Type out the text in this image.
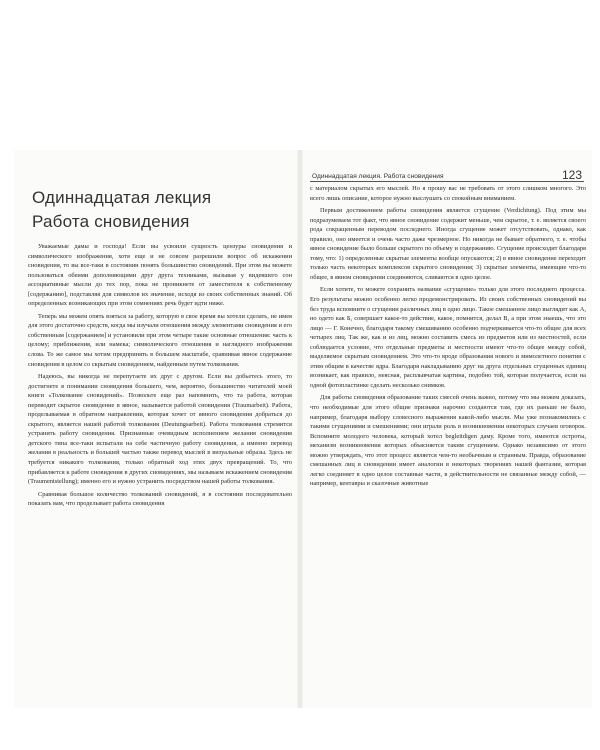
Одиннадцатая лекция
Работа сновидения

Уважаемые дамы и господа! Если вы усвоили сущность цензуры сновидения и символического изображения, хотя еще и не совсем разрешили вопрос об искажении сновидения, то вы все-таки в состоянии понять большинство сновидений. При этом вы можете пользоваться обеими дополняющими друг друга техниками, вызывая у видевшего сон ассоциативные мысли до тех пор, пока не проникнете от заместителя к собственному [содержанию], подставляя для символов их значение, исходя из своих собственных знаний. Об определенных возникающих при этом сомнениях речь будет идти ниже.

Теперь мы можем опять взяться за работу, которую в свое время вы хотели сделать, не имея для этого достаточно средств, когда мы изучали отношения между элементами сновидения и его собственным [содержанием] и установили при этом четыре такие основные отношения: часть к целому; приближения, или намека; символического отношения и наглядного изображения слова. То же самое мы хотим предпринять в большем масштабе, сравнивая явное содержание сновидения в целом со скрытым сновидением, найденным путем толкования.

Надеюсь, вы никогда не перепутаете их друг с другом. Если вы добьетесь этого, то достигнете в понимании сновидения большего, чем, вероятно, большинство читателей моей книги «Толкование сновидений». Позвольте еще раз напомнить, что та работа, которая переводит скрытое сновидение в явное, называется работой сновидения (Traumarbeit). Работа, проделываемая в обратном направлении, которая хочет от явного сновидения добраться до скрытого, является нашей работой толкования (Deutungsarbeit). Работа толкования стремится устранить работу сновидения. Признанные очевидным исполнением желания сновидения детского типа все-таки испытали на себе частичную работу сновидения, а именно перевод желания в реальность и большей частью также перевод мыслей в визуальные образы. Здесь не требуется никакого толкования, только обратный ход этих двух превращений. То, что прибавляется к работе сновидения в других сновидениях, мы называем искажением сновидения (Traumentstellung); именно его и нужно устранить посредством нашей работы толкования.

Сравнивая большое количество толкований сновидений, я в состоянии последовательно показать вам, что проделывает работа сновидения

Одиннадцатая лекция. Работа сновидения	123

с материалом скрытых его мыслей. Но я прошу вас не требовать от этого слишком многого. Это всего лишь описание, которое нужно выслушать со спокойным вниманием.

Первым достижением работы сновидения является сгущение (Verdichtung). Под этим мы подразумеваем тот факт, что явное сновидение содержит меньше, чем скрытое, т. е. является своего рода сокращенным переводом последнего. Иногда сгущение может отсутствовать, однако, как правило, оно имеется и очень часто даже чрезмерное. Но никогда не бывает обратного, т. е. чтобы явное сновидение было больше скрытого по объему и содержанию. Сгущение происходит благодаря тому, что: 1) определенные скрытые элементы вообще опускаются; 2) в явное сновидение переходит только часть некоторых комплексов скрытого сновидения; 3) скрытые элементы, имеющие что-то общее, в явном сновидении соединяются, сливаются в одно целое.

Если хотите, то можете сохранить название «сгущение» только для этого последнего процесса. Его результаты можно особенно легко продемонстрировать. Из своих собственных сновидений вы без труда вспомните о сгущении различных лиц в одно лицо. Такое смешанное лицо выглядит как А, но одето как Б, совершает какое-то действие, какое, помнится, делал В, а при этом знаешь, что это лицо — Г. Конечно, благодаря такому смешиванию особенно подчеркивается что-то общее для всех четырех лиц. Так же, как и из лиц, можно составить смесь из предметов или из местностей, если соблюдается условие, что отдельные предметы и местности имеют что-то общее между собой, выделяемое скрытым сновидением. Это что-то вроде образования нового и мимолетного понятия с этим общим в качестве ядра. Благодаря накладыванию друг на друга отдельных сгущенных единиц возникает, как правило, неясная, расплывчатая картина, подобно той, которая получается, если на одной фотопластинке сделать несколько снимков.

Для работы сновидения образование таких смесей очень важно, потому что мы можем доказать, что необходимые для этого общие признаки нарочно создаются там, где их раньше не было, например, благодаря выбору словесного выражения какой-либо мысли. Мы уже познакомились с такими сгущениями и смешениями; они играли роль в возникновении некоторых случаев оговорок. Вспомните молодого человека, который хотел begleitdigen даму. Кроме того, имеются остроты, механизм возникновения которых объясняется таким сгущением. Однако независимо от этого можно утверждать, что этот процесс является чем-то необычным и странным. Правда, образование смешанных лиц в сновидении имеет аналогии в некоторых творениях нашей фантазии, которая легко соединяет в одно целое составные части, в действительности не связанные между собой, — например, кентавры и сказочные животные
